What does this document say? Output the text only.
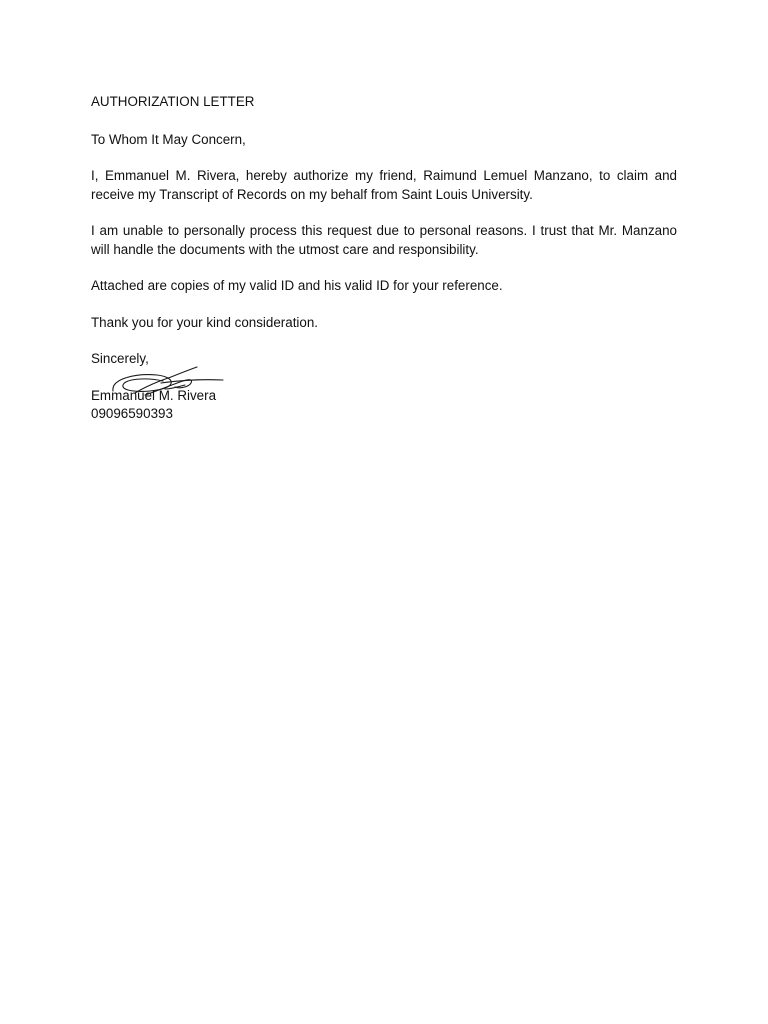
AUTHORIZATION LETTER

To Whom It May Concern,

I, Emmanuel M. Rivera, hereby authorize my friend, Raimund Lemuel Manzano, to claim and receive my Transcript of Records on my behalf from Saint Louis University.

I am unable to personally process this request due to personal reasons. I trust that Mr. Manzano will handle the documents with the utmost care and responsibility.

Attached are copies of my valid ID and his valid ID for your reference.

Thank you for your kind consideration.

Sincerely,

Emmanuel M. Rivera

09096590393
